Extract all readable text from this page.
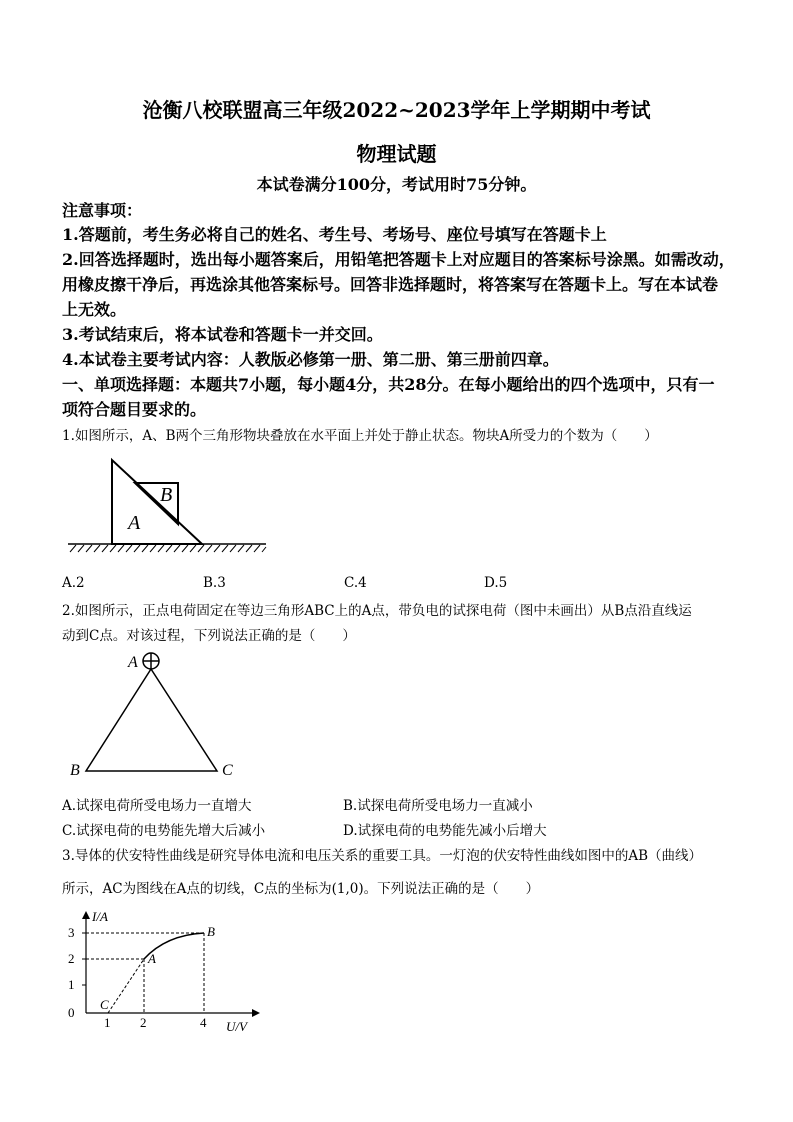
沧衡八校联盟高三年级2022~2023学年上学期期中考试
物理试题
本试卷满分100分，考试用时75分钟。
注意事项：
1.答题前，考生务必将自己的姓名、考生号、考场号、座位号填写在答题卡上
2.回答选择题时，选出每小题答案后，用铅笔把答题卡上对应题目的答案标号涂黑。如需改动，
用橡皮擦干净后，再选涂其他答案标号。回答非选择题时，将答案写在答题卡上。写在本试卷
上无效。
3.考试结束后，将本试卷和答题卡一并交回。
4.本试卷主要考试内容：人教版必修第一册、第二册、第三册前四章。
一、单项选择题：本题共7小题，每小题4分，共28分。在每小题给出的四个选项中，只有一
项符合题目要求的。
1.如图所示，A、B两个三角形物块叠放在水平面上并处于静止状态。物块A所受力的个数为（　　）
A
B
A.2	B.3	C.4	D.5
2.如图所示，正点电荷固定在等边三角形ABC上的A点，带负电的试探电荷（图中未画出）从B点沿直线运
动到C点。对该过程，下列说法正确的是（　　）
A
B	C
A.试探电荷所受电场力一直增大	B.试探电荷所受电场力一直减小
C.试探电荷的电势能先增大后减小	D.试探电荷的电势能先减小后增大
3.导体的伏安特性曲线是研究导体电流和电压关系的重要工具。一灯泡的伏安特性曲线如图中的AB（曲线）
所示，AC为图线在A点的切线，C点的坐标为(1,0)。下列说法正确的是（　　）
3
2
1
0
1 2	4
I/A
U/V
A
B
C
